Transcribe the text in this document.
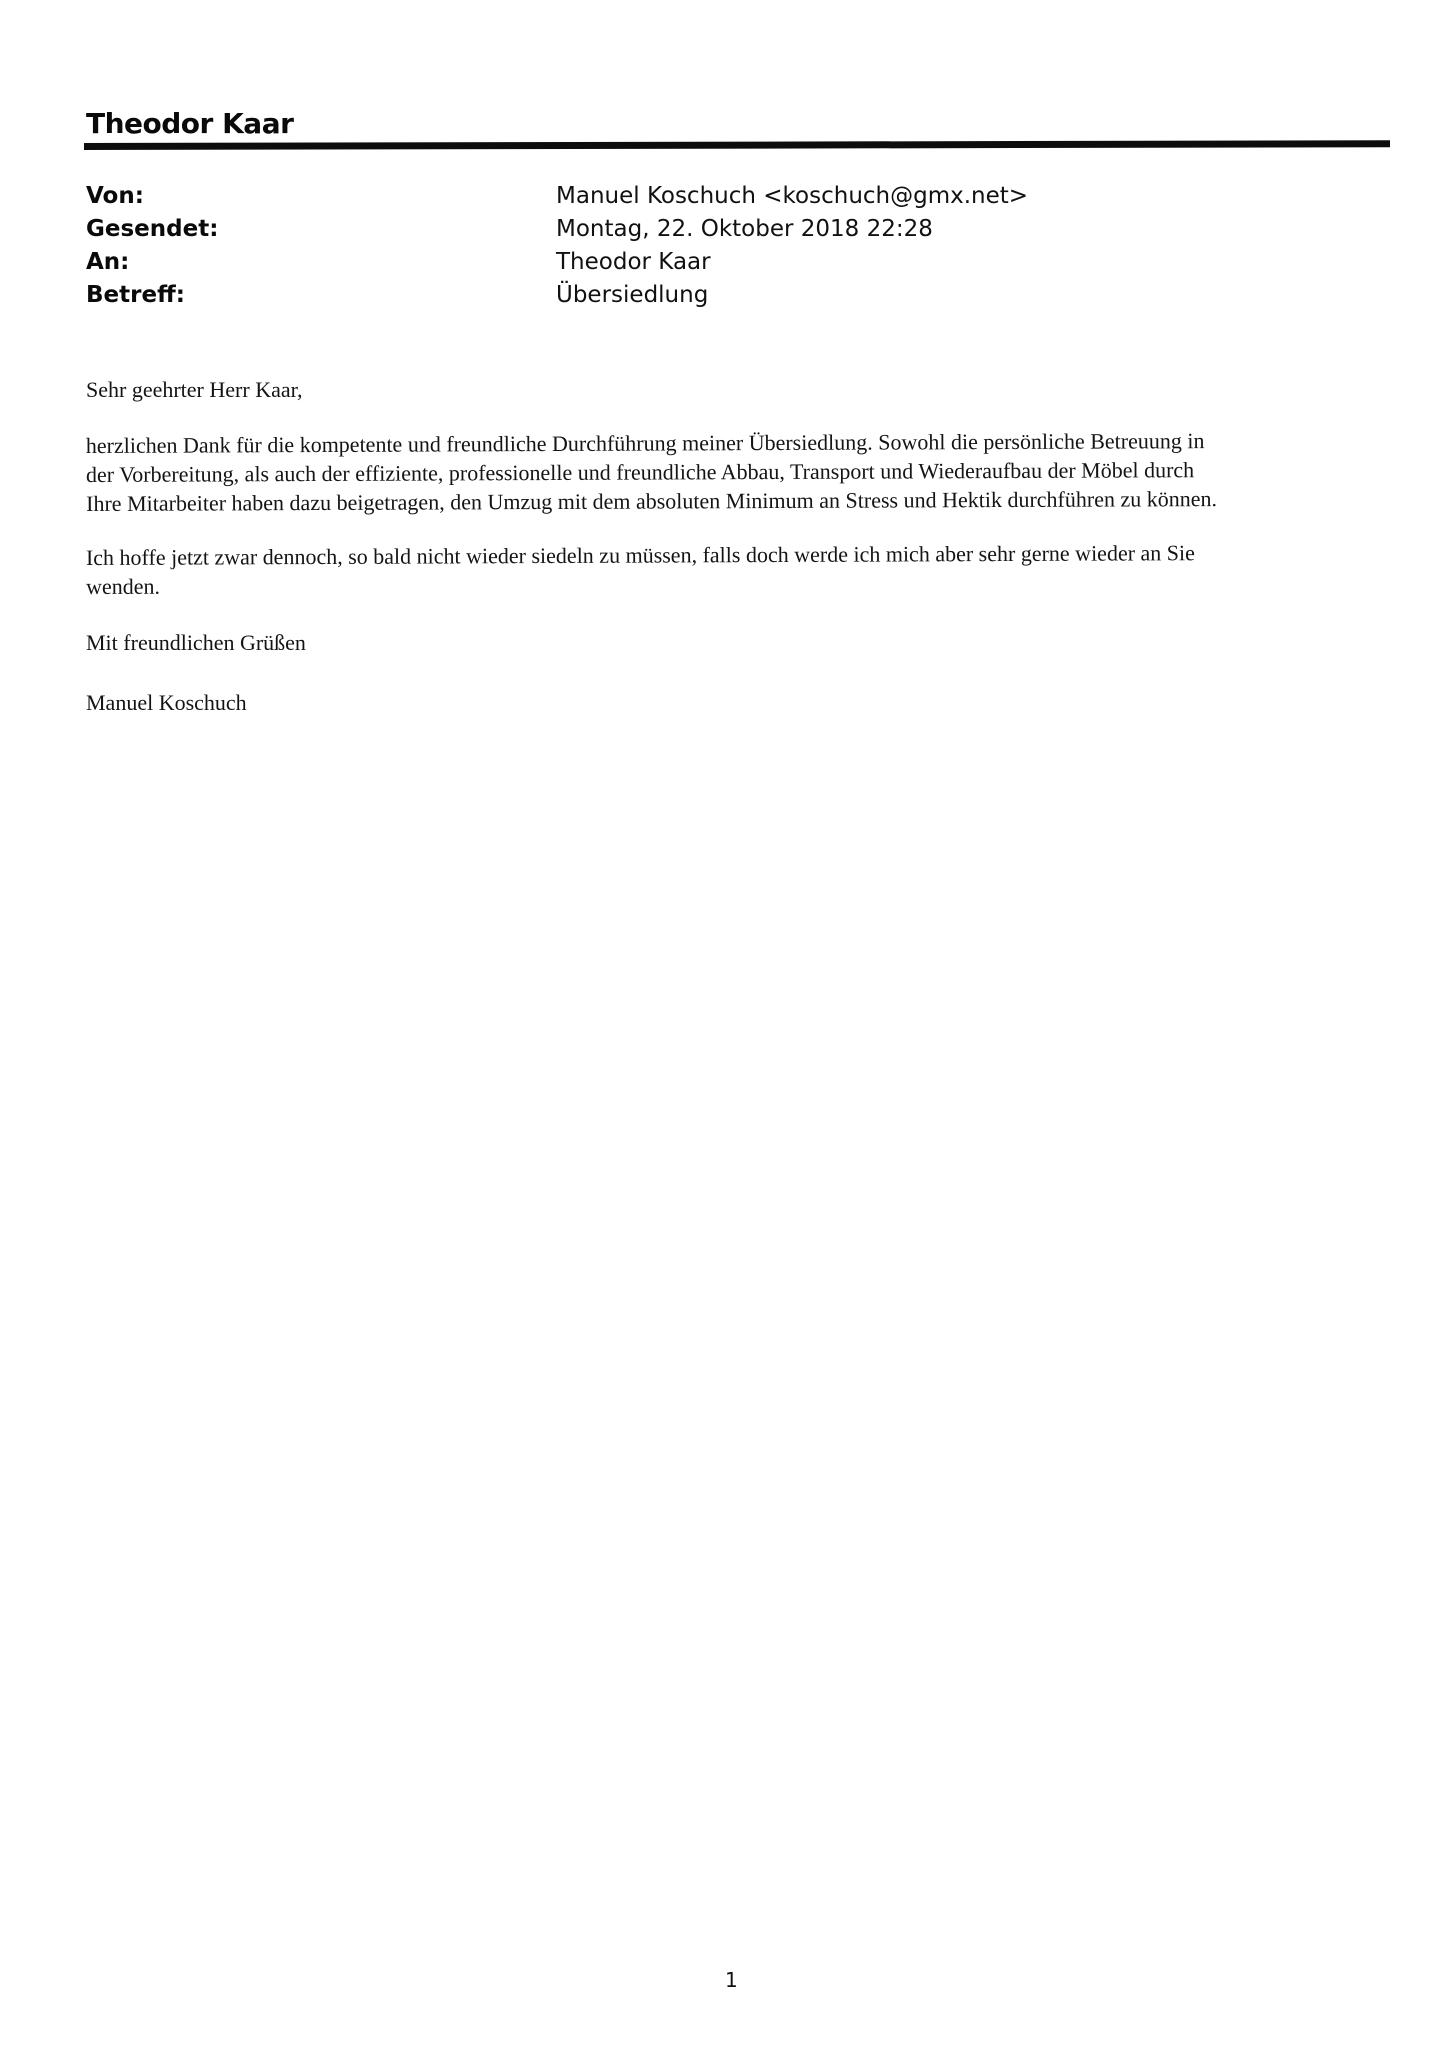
Theodor Kaar
Von:	Manuel Koschuch <koschuch@gmx.net>
Gesendet:	Montag, 22. Oktober 2018 22:28
An:	Theodor Kaar
Betreff:	Übersiedlung

Sehr geehrter Herr Kaar,

herzlichen Dank für die kompetente und freundliche Durchführung meiner Übersiedlung. Sowohl die persönliche Betreuung in
der Vorbereitung, als auch der effiziente, professionelle und freundliche Abbau, Transport und Wiederaufbau der Möbel durch
Ihre Mitarbeiter haben dazu beigetragen, den Umzug mit dem absoluten Minimum an Stress und Hektik durchführen zu können.

Ich hoffe jetzt zwar dennoch, so bald nicht wieder siedeln zu müssen, falls doch werde ich mich aber sehr gerne wieder an Sie
wenden.

Mit freundlichen Grüßen

Manuel Koschuch

1
